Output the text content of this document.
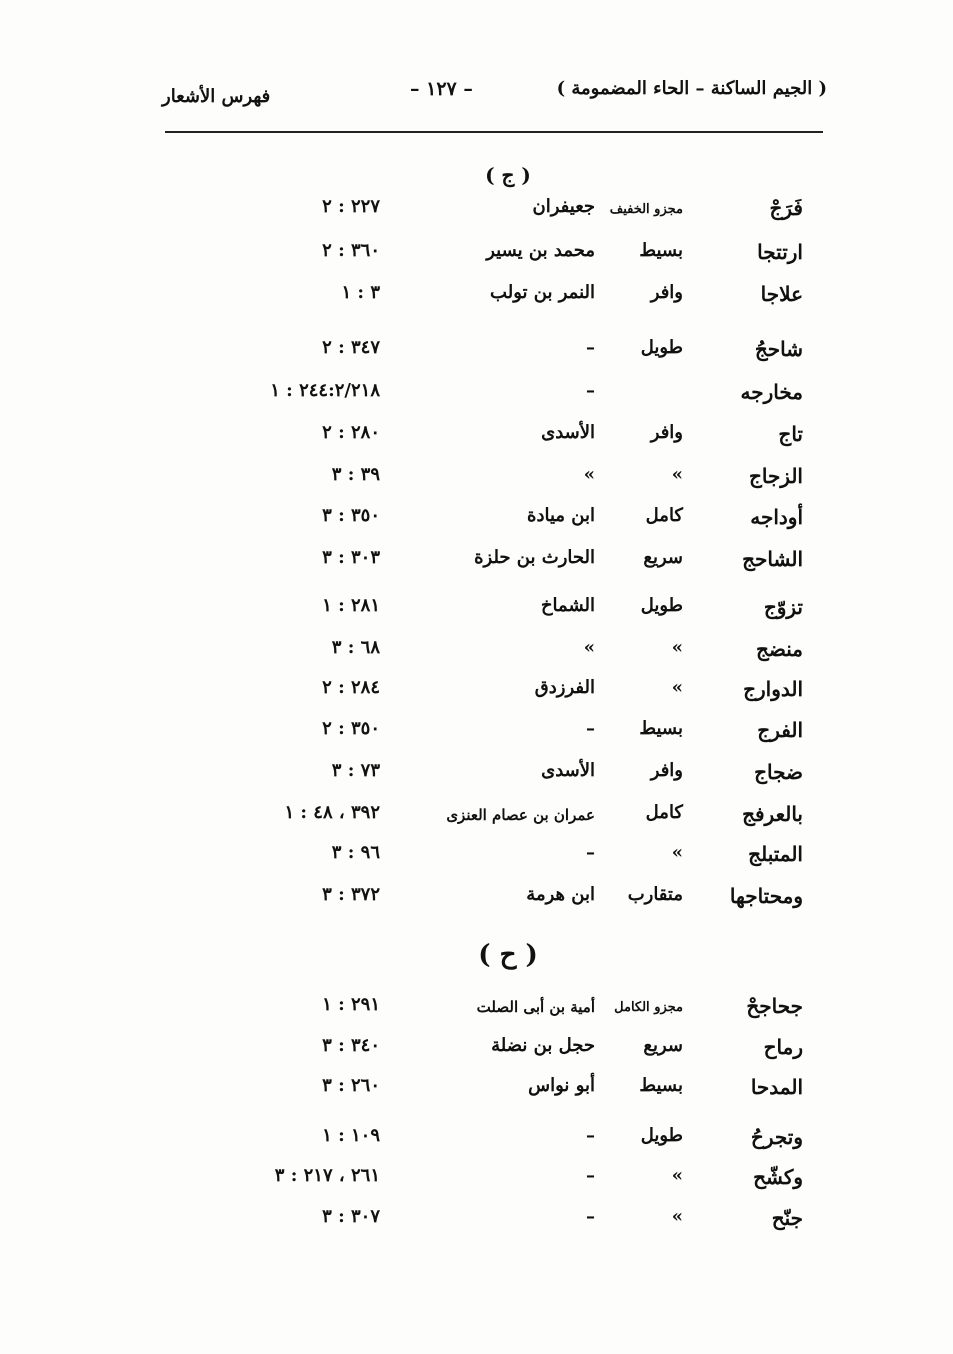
( الجيم الساكنة – الحاء المضمومة )
– ١٢٧ –
فهرس الأشعار
( ج )
فَرَجْ
مجزو الخفيف
جعيفران
٢٢٧ : ٢
ارتتجا
بسيط
محمد بن يسير
٣٦٠ : ٢
علاجا
وافر
النمر بن تولب
٣ : ١
شاحجُ
طويل
–
٣٤٧ : ٢
مخارجه
–
٢٤٤:٢/٢١٨ : ١
تاج
وافر
الأسدى
٢٨٠ : ٢
الزجاج
»
»
٣٩ : ٣
أوداجه
كامل
ابن ميادة
٣٥٠ : ٣
الشاحج
سريع
الحارث بن حلزة
٣٠٣ : ٣
تزوّج
طويل
الشماخ
٢٨١ : ١
منضج
»
»
٦٨ : ٣
الدوارج
»
الفرزدق
٢٨٤ : ٢
الفرج
بسيط
–
٣٥٠ : ٢
ضجاج
وافر
الأسدى
٧٣ : ٣
بالعرفج
كامل
عمران بن عصام العنزى
٣٩٢ ، ٤٨ : ١
المتبلج
»
–
٩٦ : ٣
ومحتاجها
متقارب
ابن هرمة
٣٧٢ : ٣
( ح )
جحاجحْ
مجزو الكامل
أمية بن أبى الصلت
٢٩١ : ١
رماح
سريع
حجل بن نضلة
٣٤٠ : ٣
المدحا
بسيط
أبو نواس
٢٦٠ : ٣
وتجرحُ
طويل
–
١٠٩ : ١
وكشّح
»
–
٢٦١ ، ٢١٧ : ٣
جنّح
»
–
٣٠٧ : ٣
